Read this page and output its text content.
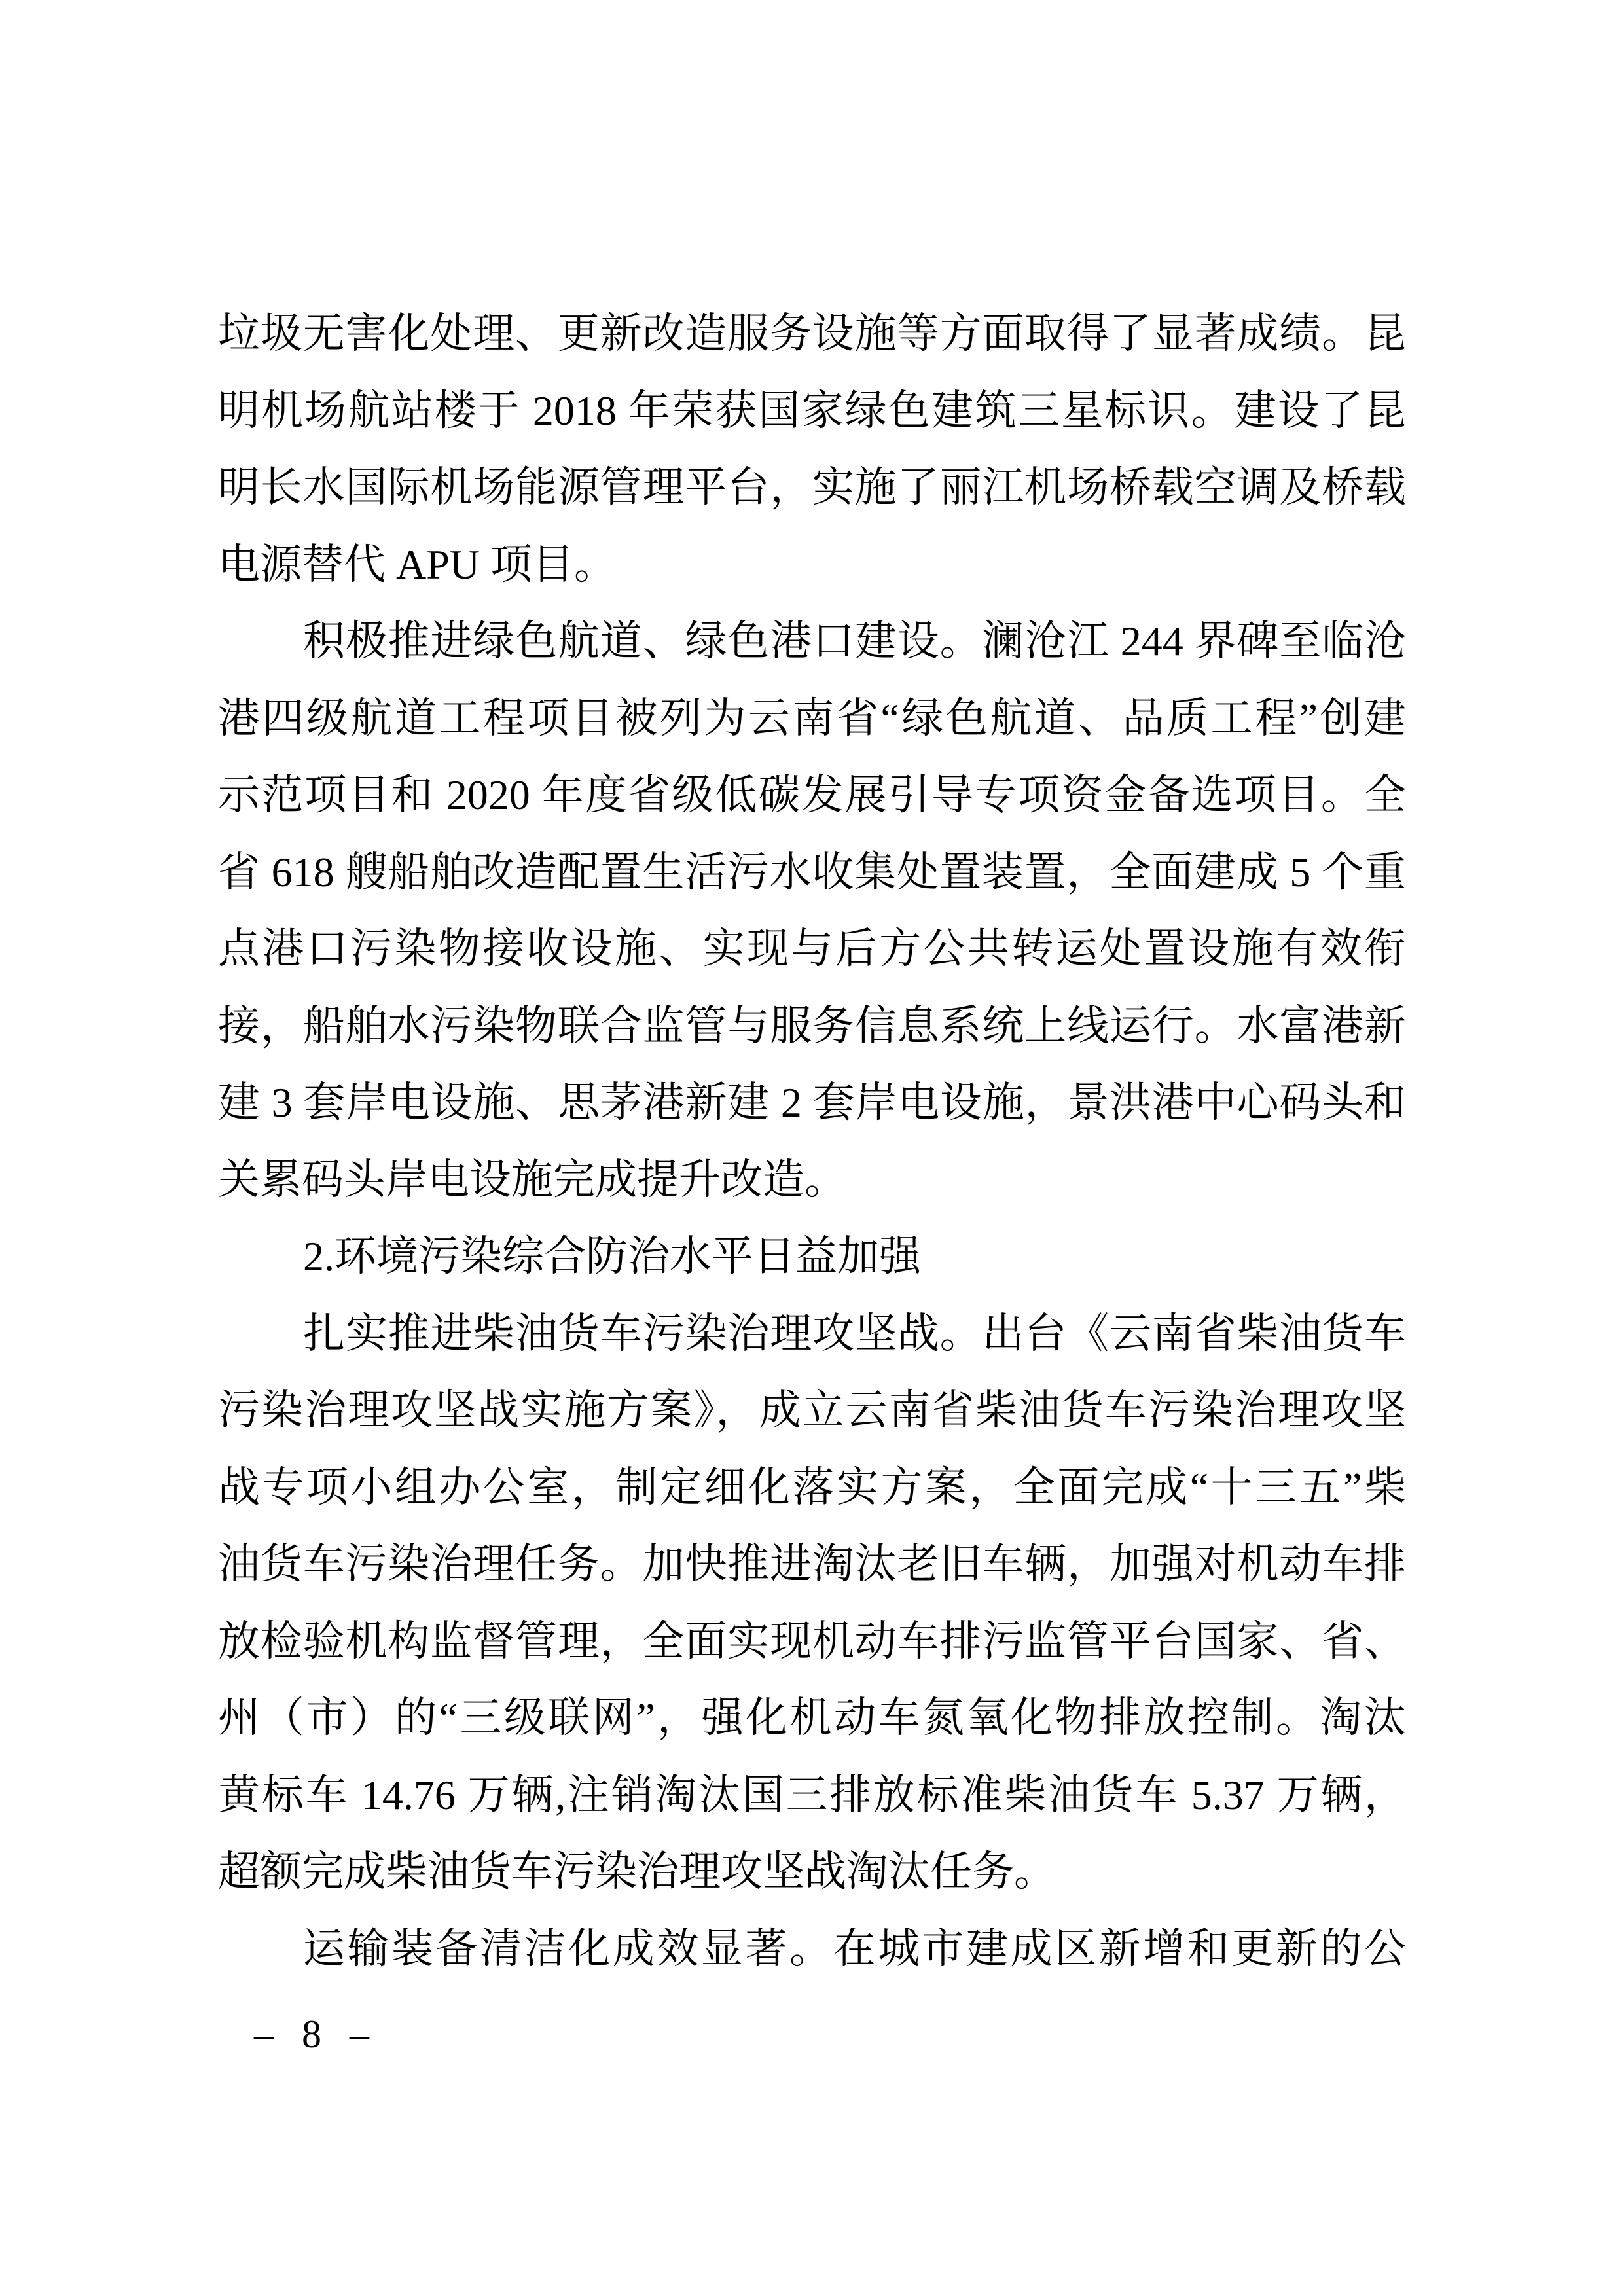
垃圾无害化处理、更新改造服务设施等方面取得了显著成绩。昆
明机场航站楼于 2018 年荣获国家绿色建筑三星标识。建设了昆
明长水国际机场能源管理平台，实施了丽江机场桥载空调及桥载
电源替代 APU 项目。
积极推进绿色航道、绿色港口建设。澜沧江 244 界碑至临沧
港四级航道工程项目被列为云南省“绿色航道、品质工程”创建
示范项目和 2020 年度省级低碳发展引导专项资金备选项目。全
省 618 艘船舶改造配置生活污水收集处置装置，全面建成 5 个重
点港口污染物接收设施、实现与后方公共转运处置设施有效衔
接，船舶水污染物联合监管与服务信息系统上线运行。水富港新
建 3 套岸电设施、思茅港新建 2 套岸电设施，景洪港中心码头和
关累码头岸电设施完成提升改造。
2.环境污染综合防治水平日益加强
扎实推进柴油货车污染治理攻坚战。出台《云南省柴油货车
污染治理攻坚战实施方案》，成立云南省柴油货车污染治理攻坚
战专项小组办公室，制定细化落实方案，全面完成“十三五”柴
油货车污染治理任务。加快推进淘汰老旧车辆，加强对机动车排
放检验机构监督管理，全面实现机动车排污监管平台国家、省、
州（市）的“三级联网”，强化机动车氮氧化物排放控制。淘汰
黄标车 14.76 万辆,注销淘汰国三排放标准柴油货车 5.37 万辆，
超额完成柴油货车污染治理攻坚战淘汰任务。
运输装备清洁化成效显著。在城市建成区新增和更新的公
– 8 –
